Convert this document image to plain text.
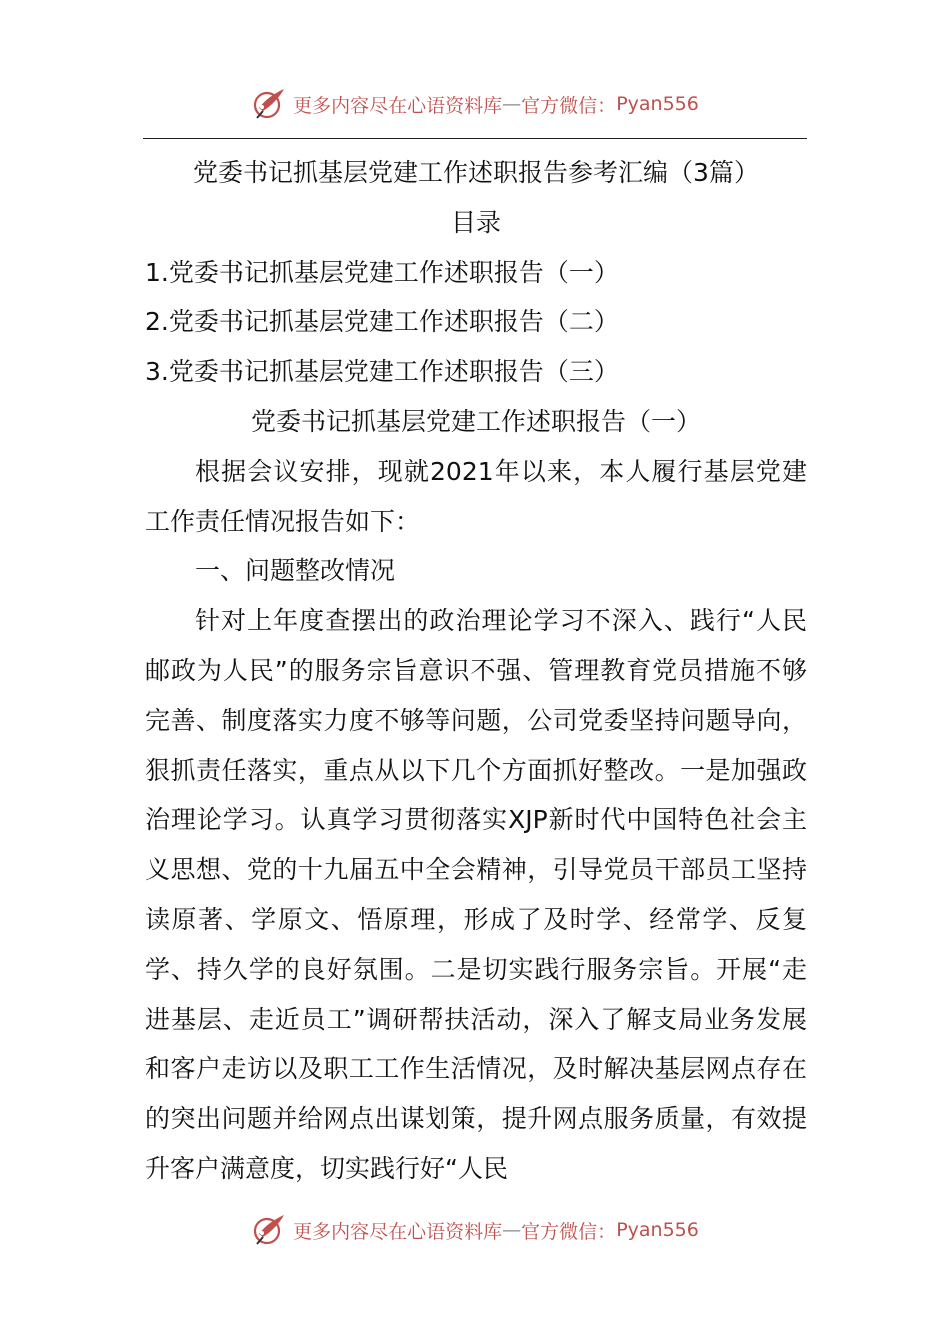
更多内容尽在心语资料库 — 官方微信： Pyan556

党委书记抓基层党建工作述职报告参考汇编（3篇）

目录

1.党委书记抓基层党建工作述职报告（一）

2.党委书记抓基层党建工作述职报告（二）

3.党委书记抓基层党建工作述职报告（三）

党委书记抓基层党建工作述职报告（一）

根据会议安排，现就2021年以来，本人履行基层党建工作责任情况报告如下：

一、问题整改情况

针对上年度查摆出的政治理论学习不深入、践行“人民邮政为人民”的服务宗旨意识不强、管理教育党员措施不够完善、制度落实力度不够等问题，公司党委坚持问题导向，狠抓责任落实，重点从以下几个方面抓好整改。一是加强政治理论学习。认真学习贯彻落实XJP新时代中国特色社会主义思想、党的十九届五中全会精神，引导党员干部员工坚持读原著、学原文、悟原理，形成了及时学、经常学、反复学、持久学的良好氛围。二是切实践行服务宗旨。开展“走进基层、走近员工”调研帮扶活动，深入了解支局业务发展和客户走访以及职工工作生活情况，及时解决基层网点存在的突出问题并给网点出谋划策，提升网点服务质量，有效提升客户满意度，切实践行好“人民

更多内容尽在心语资料库 — 官方微信： Pyan556
